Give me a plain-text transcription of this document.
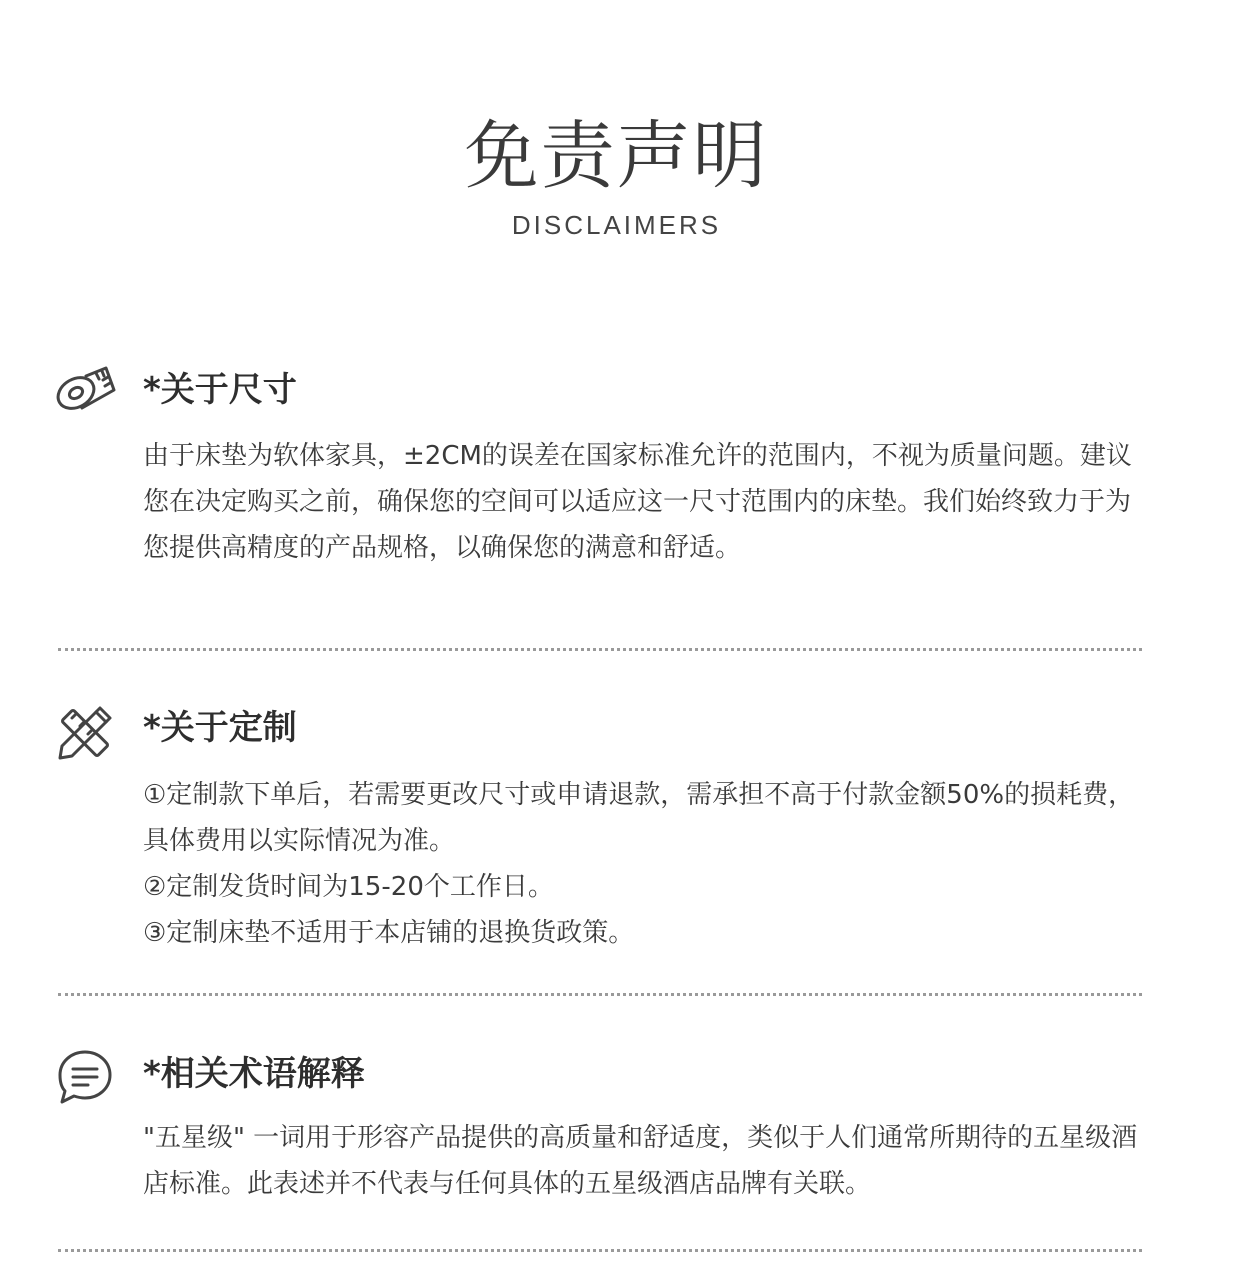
免责声明
DISCLAIMERS
*关于尺寸

由于床垫为软体家具，±2CM的误差在国家标准允许的范围内，不视为质量问题。建议您在决定购买之前，确保您的空间可以适应这一尺寸范围内的床垫。我们始终致力于为您提供高精度的产品规格，以确保您的满意和舒适。

*关于定制

①定制款下单后，若需要更改尺寸或申请退款，需承担不高于付款金额50%的损耗费，具体费用以实际情况为准。

②定制发货时间为15-20个工作日。

③定制床垫不适用于本店铺的退换货政策。

*相关术语解释

"五星级" 一词用于形容产品提供的高质量和舒适度，类似于人们通常所期待的五星级酒店标准。此表述并不代表与任何具体的五星级酒店品牌有关联。
